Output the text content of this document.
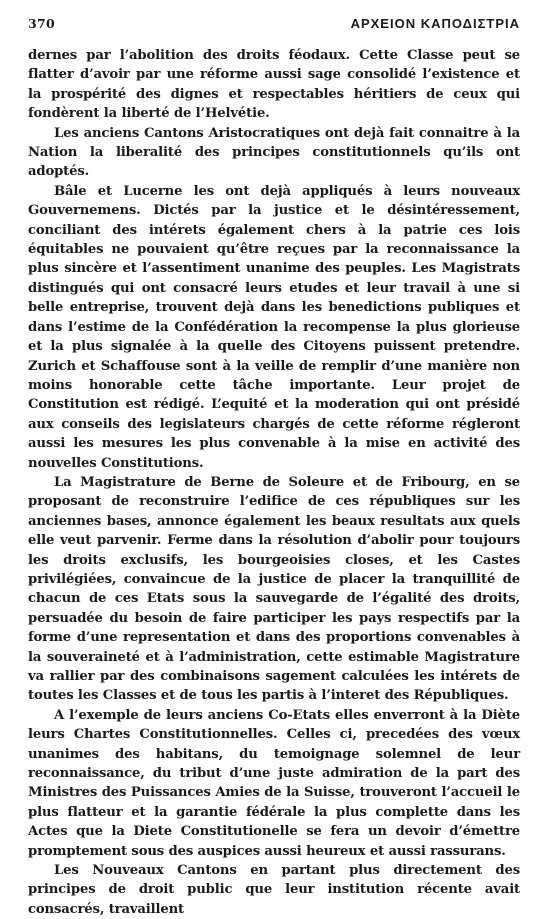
370	ΑΡΧΕΙΟΝ ΚΑΠΟΔΙΣΤΡΙΑ

dernes par l’abolition des droits féodaux. Cette Classe peut se flatter d’avoir par une réforme aussi sage consolidé l’existence et la prospérité des dignes et respectables héritiers de ceux qui fondèrent la liberté de l’Helvétie.

Les anciens Cantons Aristocratiques ont dejà fait connaitre à la Nation la liberalité des principes constitutionnels qu’ils ont adoptés.

Bâle et Lucerne les ont dejà appliqués à leurs nouveaux Gouvernemens. Dictés par la justice et le désintéressement, conciliant des intérets également chers à la patrie ces lois équitables ne pouvaient qu’être reçues par la reconnaissance la plus sincère et l’assentiment unanime des peuples. Les Magistrats distingués qui ont consacré leurs etudes et leur travail à une si belle entreprise, trouvent dejà dans les benedictions publiques et dans l’estime de la Confédération la recompense la plus glorieuse et la plus signalée à la quelle des Citoyens puissent pretendre. Zurich et Schaffouse sont à la veille de remplir d’une manière non moins honorable cette tâche importante. Leur projet de Constitution est rédigé. L’equité et la moderation qui ont présidé aux conseils des legislateurs chargés de cette réforme régleront aussi les mesures les plus convenable à la mise en activité des nouvelles Constitutions.

La Magistrature de Berne de Soleure et de Fribourg, en se proposant de reconstruire l’edifice de ces républiques sur les anciennes bases, annonce également les beaux resultats aux quels elle veut parvenir. Ferme dans la résolution d’abolir pour toujours les droits exclusifs, les bourgeoisies closes, et les Castes privilégiées, convaincue de la justice de placer la tranquillité de chacun de ces Etats sous la sauvegarde de l’égalité des droits, persuadée du besoin de faire participer les pays respectifs par la forme d’une representation et dans des proportions convenables à la souveraineté et à l’administration, cette estimable Magistrature va rallier par des combinaisons sagement calculées les intérets de toutes les Classes et de tous les partis à l’interet des Républiques.

A l’exemple de leurs anciens Co-Etats elles enverront à la Diète leurs Chartes Constitutionnelles. Celles ci, precedées des vœux unanimes des habitans, du temoignage solemnel de leur reconnaissance, du tribut d’une juste admiration de la part des Ministres des Puissances Amies de la Suisse, trouveront l’accueil le plus flatteur et la garantie fédérale la plus complette dans les Actes que la Diete Constitutionelle se fera un devoir d’émettre promptement sous des auspices aussi heureux et aussi rassurans.

Les Nouveaux Cantons en partant plus directement des principes de droit public que leur institution récente avait consacrés, travaillent
